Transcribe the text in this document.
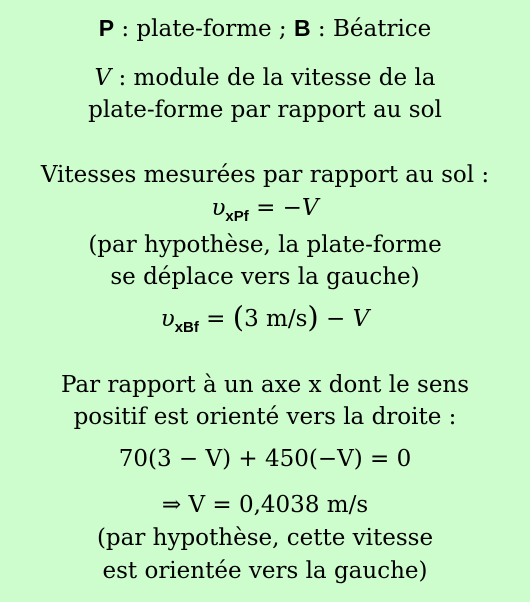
P : plate-forme ; B : Béatrice
V : module de la vitesse de la
plate-forme par rapport au sol
Vitesses mesurées par rapport au sol :
$\upsilon_{xPf} = -V$
(par hypothèse, la plate-forme
se déplace vers la gauche)
$\upsilon_{xBf} = (3$ m/s) − V
Par rapport à un axe x dont le sens
positif est orienté vers la droite :
70(3 − V) + 450(−V) = 0
⇒ V = 0,4038 m/s
(par hypothèse, cette vitesse
est orientée vers la gauche)
